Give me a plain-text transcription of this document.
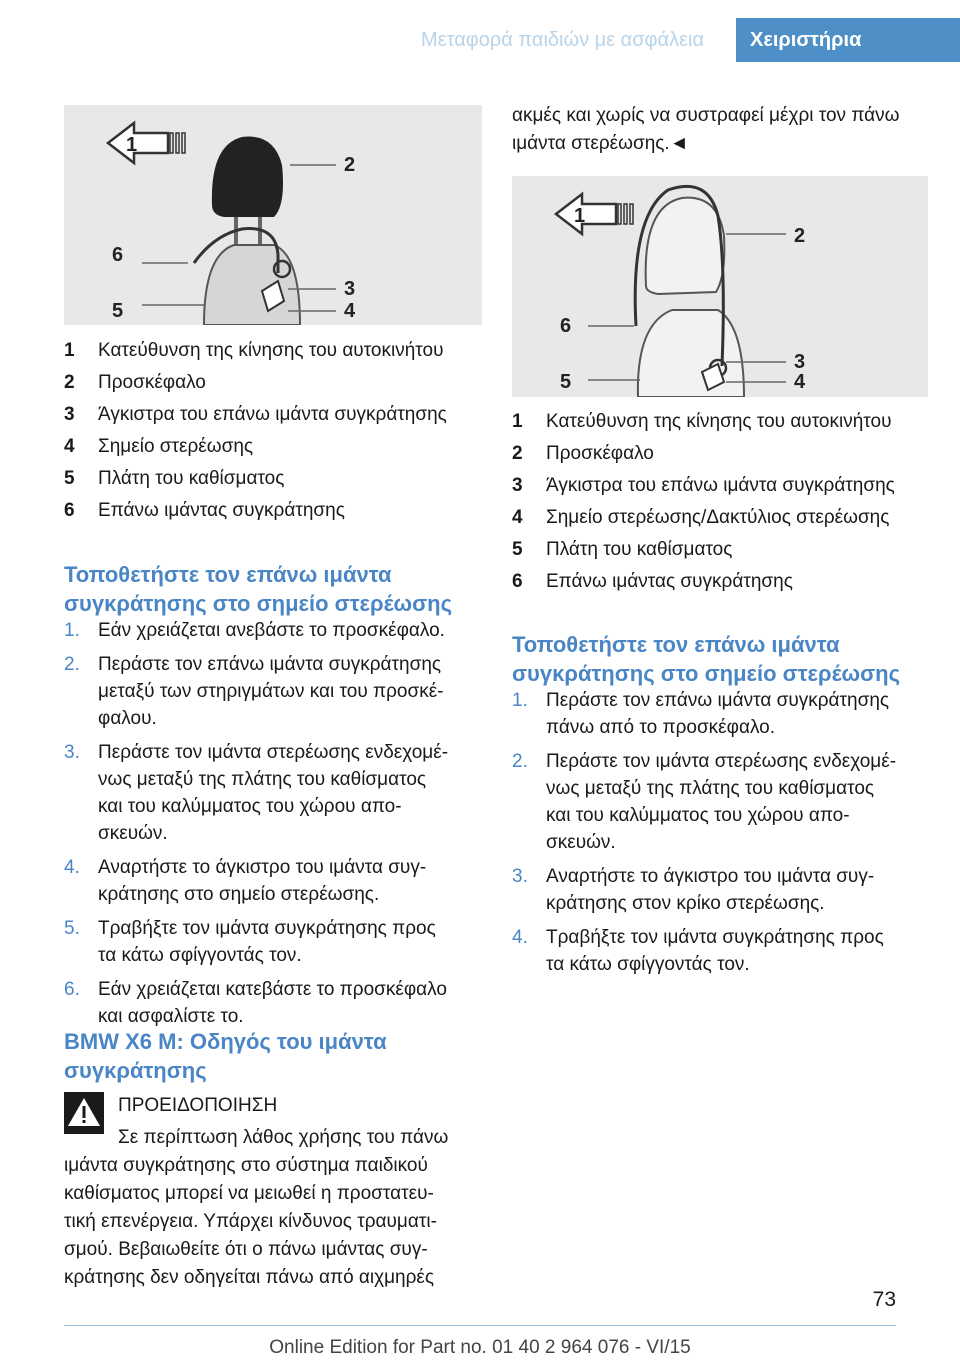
Μεταφορά παιδιών με ασφάλεια	Χειριστήρια
1
2
6
3
5	4
1	Κατεύθυνση της κίνησης του αυτοκινήτου
2	Προσκέφαλο
3	Άγκιστρα του επάνω ιμάντα συγκράτησης
4	Σημείο στερέωσης
5	Πλάτη του καθίσματος
6	Επάνω ιμάντας συγκράτησης
Τοποθετήστε τον επάνω ιμάντα
συγκράτησης στο σημείο στερέωσης
1. Εάν χρειάζεται ανεβάστε το προσκέφαλο.
2. Περάστε τον επάνω ιμάντα συγκράτησης
μεταξύ των στηριγμάτων και του προσκέ‐
φαλου.
3. Περάστε τον ιμάντα στερέωσης ενδεχομέ‐
νως μεταξύ της πλάτης του καθίσματος
και του καλύμματος του χώρου απο‐
σκευών.
4. Αναρτήστε το άγκιστρο του ιμάντα συγ‐
κράτησης στο σημείο στερέωσης.
5. Τραβήξτε τον ιμάντα συγκράτησης προς
τα κάτω σφίγγοντάς τον.
6. Εάν χρειάζεται κατεβάστε το προσκέφαλο
και ασφαλίστε το.
BMW X6 M: Οδηγός του ιμάντα
συγκράτησης
ΠΡΟΕΙΔΟΠΟΙΗΣΗ
Σε περίπτωση λάθος χρήσης του πάνω
ιμάντα συγκράτησης στο σύστημα παιδικού
καθίσματος μπορεί να μειωθεί η προστατευ‐
τική επενέργεια. Υπάρχει κίνδυνος τραυματι‐
σμού. Βεβαιωθείτε ότι ο πάνω ιμάντας συγ‐
κράτησης δεν οδηγείται πάνω από αιχμηρές
ακμές και χωρίς να συστραφεί μέχρι τον πάνω
ιμάντα στερέωσης.◄
1
2
6
3
5	4
1	Κατεύθυνση της κίνησης του αυτοκινήτου
2	Προσκέφαλο
3	Άγκιστρα του επάνω ιμάντα συγκράτησης
4	Σημείο στερέωσης/Δακτύλιος στερέωσης
5	Πλάτη του καθίσματος
6	Επάνω ιμάντας συγκράτησης
Τοποθετήστε τον επάνω ιμάντα
συγκράτησης στο σημείο στερέωσης
1. Περάστε τον επάνω ιμάντα συγκράτησης
πάνω από το προσκέφαλο.
2. Περάστε τον ιμάντα στερέωσης ενδεχομέ‐
νως μεταξύ της πλάτης του καθίσματος
και του καλύμματος του χώρου απο‐
σκευών.
3. Αναρτήστε το άγκιστρο του ιμάντα συγ‐
κράτησης στον κρίκο στερέωσης.
4. Τραβήξτε τον ιμάντα συγκράτησης προς
τα κάτω σφίγγοντάς τον.
73
Online Edition for Part no. 01 40 2 964 076 - VI/15
